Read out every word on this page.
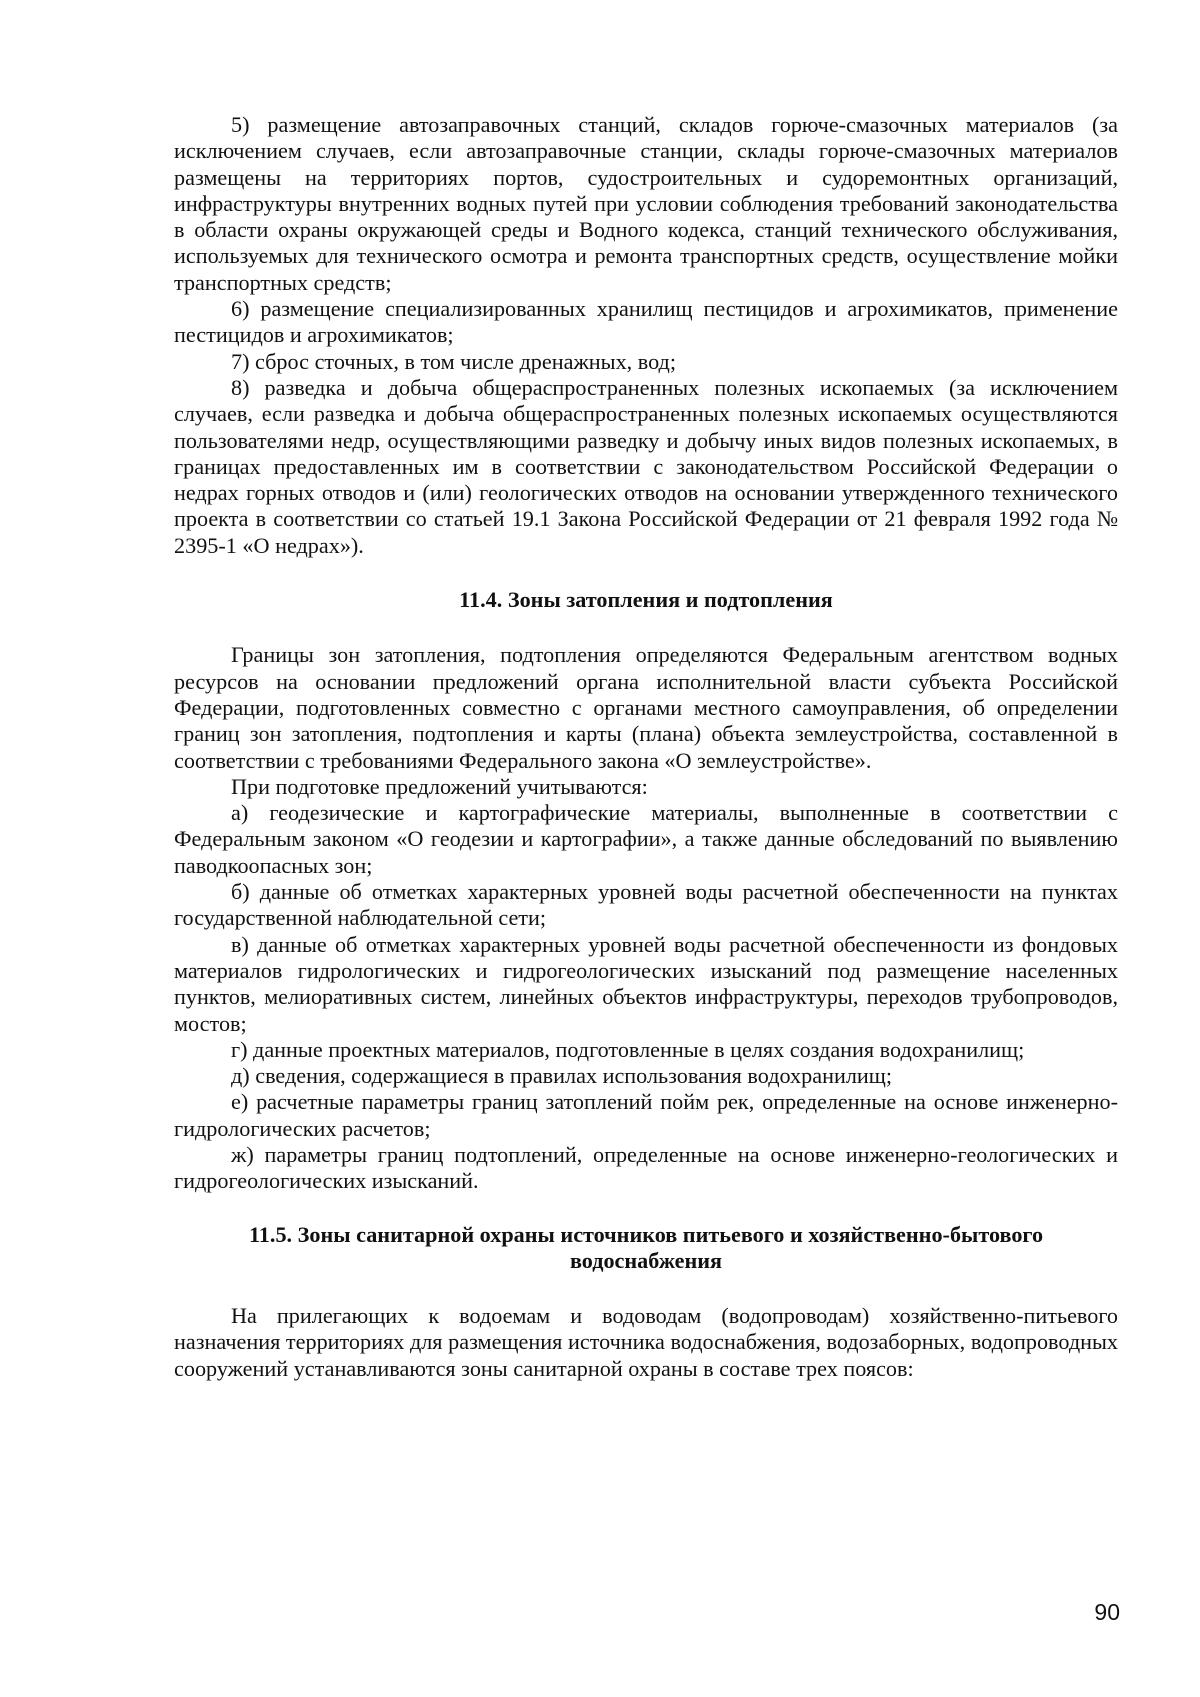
5) размещение автозаправочных станций, складов горюче-смазочных материалов (за исключением случаев, если автозаправочные станции, склады горюче-смазочных материалов размещены на территориях портов, судостроительных и судоремонтных организаций, инфраструктуры внутренних водных путей при условии соблюдения требований законодательства в области охраны окружающей среды и Водного кодекса, станций технического обслуживания, используемых для технического осмотра и ремонта транспортных средств, осуществление мойки транспортных средств;

6) размещение специализированных хранилищ пестицидов и агрохимикатов, применение пестицидов и агрохимикатов;

7) сброс сточных, в том числе дренажных, вод;

8) разведка и добыча общераспространенных полезных ископаемых (за исключением случаев, если разведка и добыча общераспространенных полезных ископаемых осуществляются пользователями недр, осуществляющими разведку и добычу иных видов полезных ископаемых, в границах предоставленных им в соответствии с законодательством Российской Федерации о недрах горных отводов и (или) геологических отводов на основании утвержденного технического проекта в соответствии со статьей 19.1 Закона Российской Федерации от 21 февраля 1992 года № 2395-1 «О недрах»).

11.4. Зоны затопления и подтопления

Границы зон затопления, подтопления определяются Федеральным агентством водных ресурсов на основании предложений органа исполнительной власти субъекта Российской Федерации, подготовленных совместно с органами местного самоуправления, об определении границ зон затопления, подтопления и карты (плана) объекта землеустройства, составленной в соответствии с требованиями Федерального закона «О землеустройстве».

При подготовке предложений учитываются:

а) геодезические и картографические материалы, выполненные в соответствии с Федеральным законом «О геодезии и картографии», а также данные обследований по выявлению паводкоопасных зон;

б) данные об отметках характерных уровней воды расчетной обеспеченности на пунктах государственной наблюдательной сети;

в) данные об отметках характерных уровней воды расчетной обеспеченности из фондовых материалов гидрологических и гидрогеологических изысканий под размещение населенных пунктов, мелиоративных систем, линейных объектов инфраструктуры, переходов трубопроводов, мостов;

г) данные проектных материалов, подготовленные в целях создания водохранилищ;

д) сведения, содержащиеся в правилах использования водохранилищ;

е) расчетные параметры границ затоплений пойм рек, определенные на основе инженерно-гидрологических расчетов;

ж) параметры границ подтоплений, определенные на основе инженерно-геологических и гидрогеологических изысканий.

11.5. Зоны санитарной охраны источников питьевого и хозяйственно-бытового
водоснабжения

На прилегающих к водоемам и водоводам (водопроводам) хозяйственно-питьевого назначения территориях для размещения источника водоснабжения, водозаборных, водопроводных сооружений устанавливаются зоны санитарной охраны в составе трех поясов:

90
